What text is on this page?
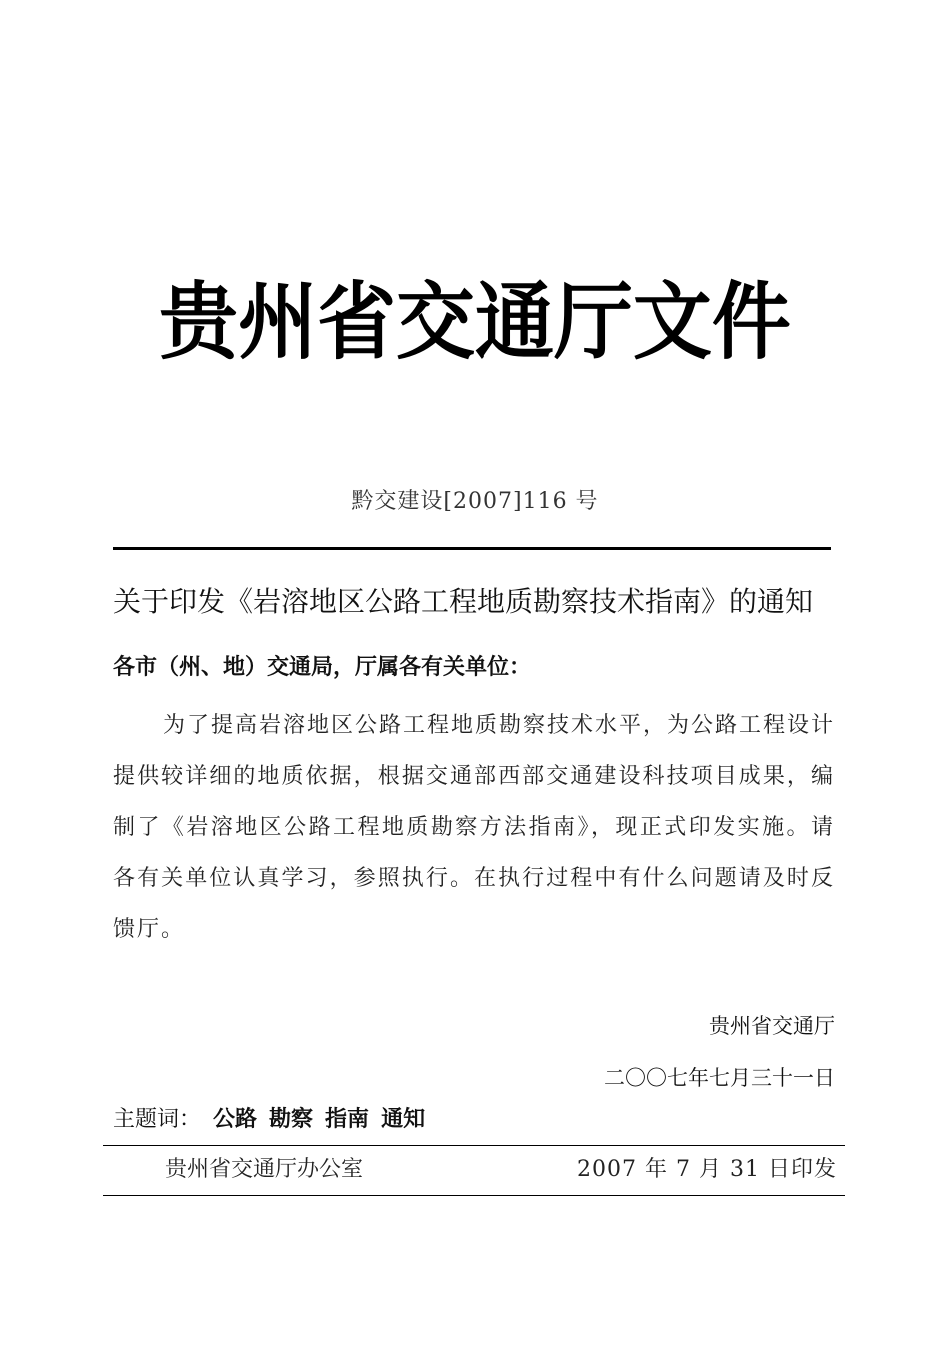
贵州省交通厅文件
黔交建设[2007]116 号
关于印发《岩溶地区公路工程地质勘察技术指南》的通知
各市（州、地）交通局，厅属各有关单位：
为了提高岩溶地区公路工程地质勘察技术水平，为公路工程设计提供较详细的地质依据，根据交通部西部交通建设科技项目成果，编制了《岩溶地区公路工程地质勘察方法指南》，现正式印发实施。请各有关单位认真学习，参照执行。在执行过程中有什么问题请及时反馈厅。
贵州省交通厅
二〇〇七年七月三十一日
主题词： 公路 勘察 指南 通知
贵州省交通厅办公室	2007 年 7 月 31 日印发
